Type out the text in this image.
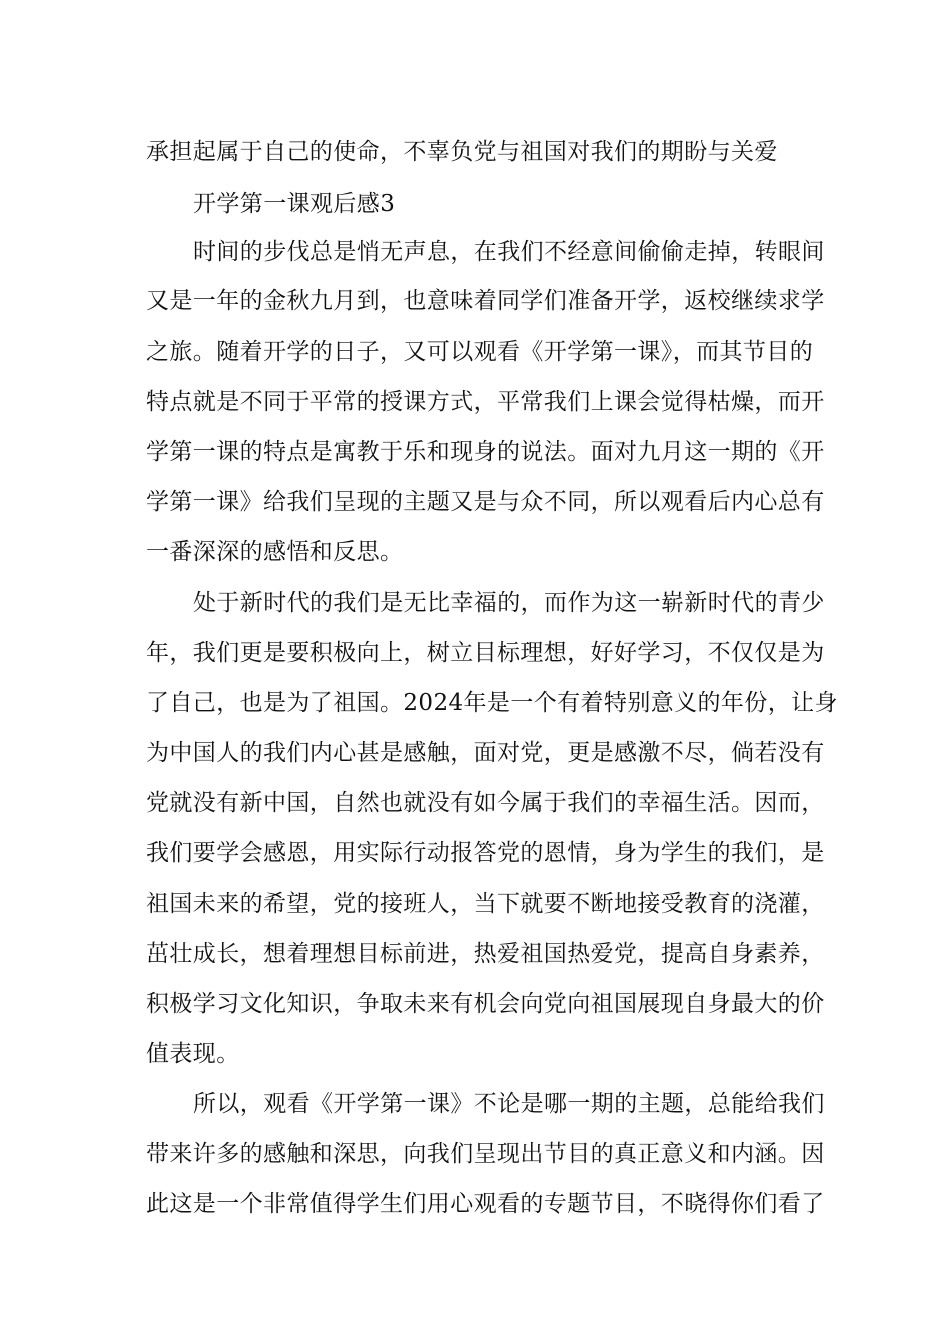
承担起属于自己的使命，不辜负党与祖国对我们的期盼与关爱
开学第一课观后感3
时间的步伐总是悄无声息，在我们不经意间偷偷走掉，转眼间
又是一年的金秋九月到，也意味着同学们准备开学，返校继续求学
之旅。随着开学的日子，又可以观看《开学第一课》，而其节目的
特点就是不同于平常的授课方式，平常我们上课会觉得枯燥，而开
学第一课的特点是寓教于乐和现身的说法。面对九月这一期的《开
学第一课》给我们呈现的主题又是与众不同，所以观看后内心总有
一番深深的感悟和反思。
处于新时代的我们是无比幸福的，而作为这一崭新时代的青少
年，我们更是要积极向上，树立目标理想，好好学习，不仅仅是为
了自己，也是为了祖国。2024年是一个有着特别意义的年份，让身
为中国人的我们内心甚是感触，面对党，更是感激不尽，倘若没有
党就没有新中国，自然也就没有如今属于我们的幸福生活。因而，
我们要学会感恩，用实际行动报答党的恩情，身为学生的我们，是
祖国未来的希望，党的接班人，当下就要不断地接受教育的浇灌，
茁壮成长，想着理想目标前进，热爱祖国热爱党，提高自身素养，
积极学习文化知识，争取未来有机会向党向祖国展现自身最大的价
值表现。
所以，观看《开学第一课》不论是哪一期的主题，总能给我们
带来许多的感触和深思，向我们呈现出节目的真正意义和内涵。因
此这是一个非常值得学生们用心观看的专题节目，不晓得你们看了
